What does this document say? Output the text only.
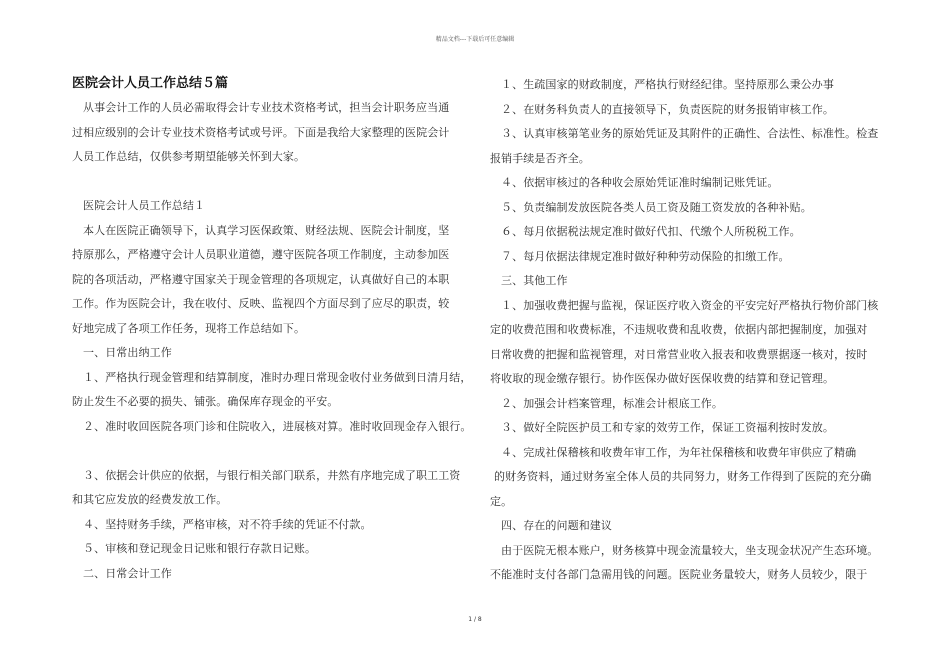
精品文档---下载后可任意编辑
医院会计人员工作总结５篇
从事会计工作的人员必需取得会计专业技术资格考试，担当会计职务应当通
过相应级别的会计专业技术资格考试或号评。下面是我给大家整理的医院会计
人员工作总结，仅供参考期望能够关怀到大家。
医院会计人员工作总结１
本人在医院正确领导下，认真学习医保政策、财经法规、医院会计制度，坚
持原那么，严格遵守会计人员职业道德，遵守医院各项工作制度，主动参加医
院的各项活动，严格遵守国家关于现金管理的各项规定，认真做好自己的本职
工作。作为医院会计，我在收付、反映、监视四个方面尽到了应尽的职责，较
好地完成了各项工作任务，现将工作总结如下。
一、日常出纳工作
１、严格执行现金管理和结算制度，准时办理日常现金收付业务做到日清月结，
防止发生不必要的损失、铺张。确保库存现金的平安。
２、准时收回医院各项门诊和住院收入，进展核对算。准时收回现金存入银行。
３、依据会计供应的依据，与银行相关部门联系，井然有序地完成了职工工资
和其它应发放的经费发放工作。
４、坚持财务手续，严格审核，对不符手续的凭证不付款。
５、审核和登记现金日记账和银行存款日记账。
二、日常会计工作
１、生疏国家的财政制度，严格执行财经纪律。坚持原那么秉公办事
２、在财务科负责人的直接领导下，负责医院的财务报销审核工作。
３、认真审核第笔业务的原始凭证及其附件的正确性、合法性、标准性。检查
报销手续是否齐全。
４、依据审核过的各种收会原始凭证准时编制记账凭证。
５、负责编制发放医院各类人员工资及随工资发放的各种补贴。
６、每月依据税法规定准时做好代扣、代缴个人所税税工作。
７、每月依据法律规定准时做好种种劳动保险的扣缴工作。
三、其他工作
１、加强收费把握与监视，保证医疗收入资金的平安完好严格执行物价部门核
定的收费范围和收费标准，不违规收费和乱收费，依据内部把握制度，加强对
日常收费的把握和监视管理，对日常营业收入报表和收费票据逐一核对，按时
将收取的现金缴存银行。协作医保办做好医保收费的结算和登记管理。
２、加强会计档案管理，标准会计根底工作。
３、做好全院医护员工和专家的效劳工作，保证工资福利按时发放。
４、完成社保稽核和收费年审工作，为年社保稽核和收费年审供应了精确
的财务资料，通过财务室全体人员的共同努力，财务工作得到了医院的充分确
定。
四、存在的问题和建议
由于医院无根本账户，财务核算中现金流量较大，坐支现金状况产生态环境。
不能准时支付各部门急需用钱的问题。医院业务量较大，财务人员较少，限于
1 / 8
